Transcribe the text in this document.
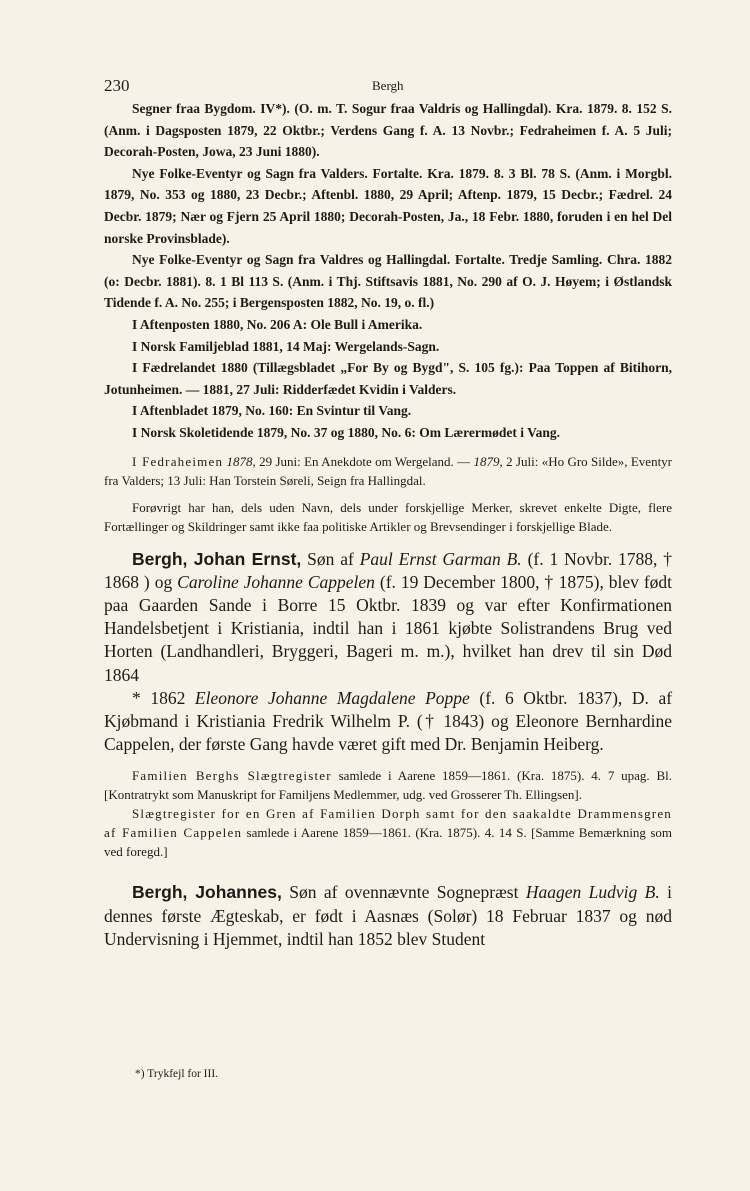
230	Bergh

Segner fraa Bygdom. IV*). (O. m. T. Sogur fraa Valdris og Hallingdal). Kra. 1879. 8. 152 S. (Anm. i Dagsposten 1879, 22 Oktbr.; Verdens Gang f. A. 13 Novbr.; Fedraheimen f. A. 5 Juli; Decorah-Posten, Jowa, 23 Juni 1880).

Nye Folke-Eventyr og Sagn fra Valders. Fortalte. Kra. 1879. 8. 3 Bl. 78 S. (Anm. i Morgbl. 1879, No. 353 og 1880, 23 Decbr.; Aftenbl. 1880, 29 April; Aftenp. 1879, 15 Decbr.; Fædrel. 24 Decbr. 1879; Nær og Fjern 25 April 1880; Decorah-Posten, Ja., 18 Febr. 1880, foruden i en hel Del norske Provinsblade).

Nye Folke-Eventyr og Sagn fra Valdres og Hallingdal. Fortalte. Tredje Samling. Chra. 1882 (o: Decbr. 1881). 8. 1 Bl 113 S. (Anm. i Thj. Stiftsavis 1881, No. 290 af O. J. Høyem; i Østlandsk Tidende f. A. No. 255; i Bergensposten 1882, No. 19, o. fl.)

I Aftenposten 1880, No. 206 A: Ole Bull i Amerika.

I Norsk Familjeblad 1881, 14 Maj: Wergelands-Sagn.

I Fædrelandet 1880 (Tillægsbladet „For By og Bygd", S. 105 fg.): Paa Toppen af Bitihorn, Jotunheimen. — 1881, 27 Juli: Ridderfædet Kvidin i Valders.

I Aftenbladet 1879, No. 160: En Svintur til Vang.

I Norsk Skoletidende 1879, No. 37 og 1880, No. 6: Om Lærermødet i Vang.

I Fedraheimen 1878, 29 Juni: En Anekdote om Wergeland. — 1879, 2 Juli: «Ho Gro Silde», Eventyr fra Valders; 13 Juli: Han Torstein Søreli, Seign fra Hallingdal.

Forøvrigt har han, dels uden Navn, dels under forskjellige Merker, skrevet enkelte Digte, flere Fortællinger og Skildringer samt ikke faa politiske Artikler og Brevsendinger i forskjellige Blade.

Bergh, Johan Ernst, Søn af Paul Ernst Garman B. (f. 1 Novbr. 1788, † 1868 ) og Caroline Johanne Cappelen (f. 19 December 1800, † 1875), blev født paa Gaarden Sande i Borre 15 Oktbr. 1839 og var efter Konfirmationen Handelsbetjent i Kristiania, indtil han i 1861 kjøbte Solistrandens Brug ved Horten (Landhandleri, Bryggeri, Bageri m. m.), hvilket han drev til sin Død 1864

* 1862 Eleonore Johanne Magdalene Poppe (f. 6 Oktbr. 1837), D. af Kjøbmand i Kristiania Fredrik Wilhelm P. († 1843) og Eleonore Bernhardine Cappelen, der første Gang havde været gift med Dr. Benjamin Heiberg.

Familien Berghs Slægtregister samlede i Aarene 1859—1861. (Kra. 1875). 4. 7 upag. Bl. [Kontratrykt som Manuskript for Familjens Medlemmer, udg. ved Grosserer Th. Ellingsen].

Slægtregister for en Gren af Familien Dorph samt for den saakaldte Drammensgren af Familien Cappelen samlede i Aarene 1859—1861. (Kra. 1875). 4. 14 S. [Samme Bemærkning som ved foregd.]

Bergh, Johannes, Søn af ovennævnte Sognepræst Haagen Ludvig B. i dennes første Ægteskab, er født i Aasnæs (Solør) 18 Februar 1837 og nød Undervisning i Hjemmet, indtil han 1852 blev Student

*) Trykfejl for III.
